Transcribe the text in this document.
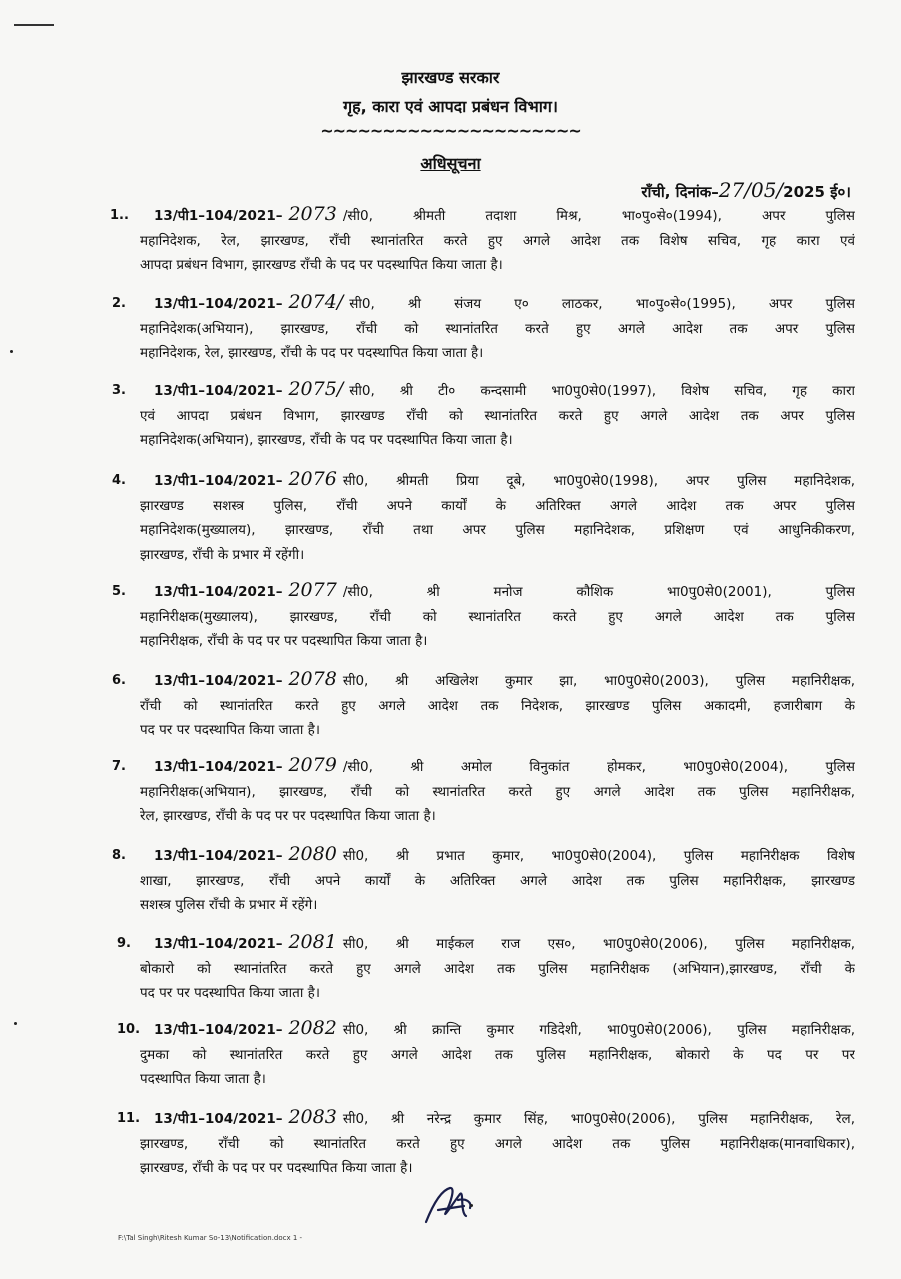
झारखण्ड सरकार
गृह, कारा एवं आपदा प्रबंधन विभाग।
~~~~~~~~~~~~~~~~~~~~~
अधिसूचना
राँची, दिनांक–27/05/2025 ई०।
1..	13/पी1–104/2021– 2073 /सी0, श्रीमती तदाशा मिश्र, भा०पु०से०(1994), अपर पुलिस
महानिदेशक, रेल, झारखण्ड, राँची स्थानांतरित करते हुए अगले आदेश तक विशेष सचिव, गृह कारा एवं
आपदा प्रबंधन विभाग, झारखण्ड राँची के पद पर पदस्थापित किया जाता है।
2.	13/पी1–104/2021– 2074/ सी0, श्री संजय ए० लाठकर, भा०पु०से०(1995), अपर पुलिस
महानिदेशक(अभियान), झारखण्ड, राँची को स्थानांतरित करते हुए अगले आदेश तक अपर पुलिस
महानिदेशक, रेल, झारखण्ड, राँची के पद पर पदस्थापित किया जाता है।
3.	13/पी1–104/2021– 2075/ सी0, श्री टी० कन्दसामी भा0पु0से0(1997), विशेष सचिव, गृह कारा
एवं आपदा प्रबंधन विभाग, झारखण्ड राँची को स्थानांतरित करते हुए अगले आदेश तक अपर पुलिस
महानिदेशक(अभियान), झारखण्ड, राँची के पद पर पदस्थापित किया जाता है।
4.	13/पी1–104/2021– 2076 सी0, श्रीमती प्रिया दूबे, भा0पु0से0(1998), अपर पुलिस महानिदेशक,
झारखण्ड सशस्त्र पुलिस, राँची अपने कार्यों के अतिरिक्त अगले आदेश तक अपर पुलिस
महानिदेशक(मुख्यालय), झारखण्ड, राँची तथा अपर पुलिस महानिदेशक, प्रशिक्षण एवं आधुनिकीकरण,
झारखण्ड, राँची के प्रभार में रहेंगी।
5.	13/पी1–104/2021– 2077 /सी0, श्री मनोज कौशिक भा0पु0से0(2001), पुलिस
महानिरीक्षक(मुख्यालय), झारखण्ड, राँची को स्थानांतरित करते हुए अगले आदेश तक पुलिस
महानिरीक्षक, राँची के पद पर पर पदस्थापित किया जाता है।
6.	13/पी1–104/2021– 2078 सी0, श्री अखिलेश कुमार झा, भा0पु0से0(2003), पुलिस महानिरीक्षक,
राँची को स्थानांतरित करते हुए अगले आदेश तक निदेशक, झारखण्ड पुलिस अकादमी, हजारीबाग के
पद पर पर पदस्थापित किया जाता है।
7.	13/पी1–104/2021– 2079 /सी0, श्री अमोल विनुकांत होमकर, भा0पु0से0(2004), पुलिस
महानिरीक्षक(अभियान), झारखण्ड, राँची को स्थानांतरित करते हुए अगले आदेश तक पुलिस महानिरीक्षक,
रेल, झारखण्ड, राँची के पद पर पर पदस्थापित किया जाता है।
8.	13/पी1–104/2021– 2080 सी0, श्री प्रभात कुमार, भा0पु0से0(2004), पुलिस महानिरीक्षक विशेष
शाखा, झारखण्ड, राँची अपने कार्यों के अतिरिक्त अगले आदेश तक पुलिस महानिरीक्षक, झारखण्ड
सशस्त्र पुलिस राँची के प्रभार में रहेंगे।
9.	13/पी1–104/2021– 2081 सी0, श्री माईकल राज एस०, भा0पु0से0(2006), पुलिस महानिरीक्षक,
बोकारो को स्थानांतरित करते हुए अगले आदेश तक पुलिस महानिरीक्षक (अभियान),झारखण्ड, राँची के
पद पर पर पदस्थापित किया जाता है।
10.	13/पी1–104/2021– 2082 सी0, श्री क्रान्ति कुमार गडिदेशी, भा0पु0से0(2006), पुलिस महानिरीक्षक,
दुमका को स्थानांतरित करते हुए अगले आदेश तक पुलिस महानिरीक्षक, बोकारो के पद पर पर
पदस्थापित किया जाता है।
11.	13/पी1–104/2021– 2083 सी0, श्री नरेन्द्र कुमार सिंह, भा0पु0से0(2006), पुलिस महानिरीक्षक, रेल,
झारखण्ड, राँची को स्थानांतरित करते हुए अगले आदेश तक पुलिस महानिरीक्षक(मानवाधिकार),
झारखण्ड, राँची के पद पर पर पदस्थापित किया जाता है।
F:\Tal Singh\Ritesh Kumar So-13\Notification.docx 1 -
